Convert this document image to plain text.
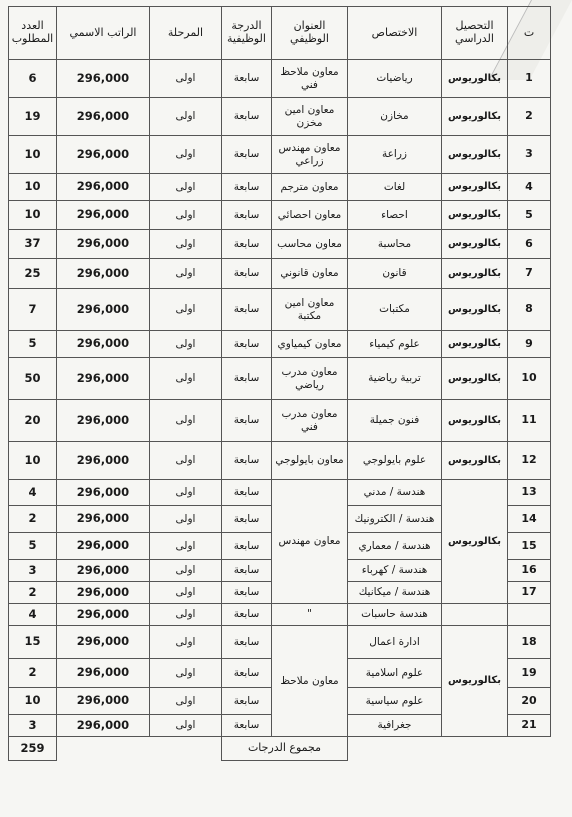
ت	التحصيل الدراسي	الاختصاص	العنوان الوظيفي	الدرجة الوظيفية	المرحلة	الراتب الاسمي	العدد المطلوب
1	بكالوريوس	رياضيات	معاون ملاحظ فني	سابعة	اولى	296,000	6
2	بكالوريوس	مخازن	معاون امين مخزن	سابعة	اولى	296,000	19
3	بكالوريوس	زراعة	معاون مهندس زراعي	سابعة	اولى	296,000	10
4	بكالوريوس	لغات	معاون مترجم	سابعة	اولى	296,000	10
5	بكالوريوس	احصاء	معاون احصائي	سابعة	اولى	296,000	10
6	بكالوريوس	محاسبة	معاون محاسب	سابعة	اولى	296,000	37
7	بكالوريوس	قانون	معاون قانوني	سابعة	اولى	296,000	25
8	بكالوريوس	مكتبات	معاون امين مكتبة	سابعة	اولى	296,000	7
9	بكالوريوس	علوم كيمياء	معاون كيمياوي	سابعة	اولى	296,000	5
10	بكالوريوس	تربية رياضية	معاون مدرب رياضي	سابعة	اولى	296,000	50
11	بكالوريوس	فنون جميلة	معاون مدرب فني	سابعة	اولى	296,000	20
12	بكالوريوس	علوم بايولوجي	معاون بايولوجي	سابعة	اولى	296,000	10
13	بكالوريوس	هندسة / مدني	معاون مهندس	سابعة	اولى	296,000	4
14		هندسة / الكترونيك		سابعة	اولى	296,000	2
15		هندسة / معماري		سابعة	اولى	296,000	5
16		هندسة / كهرباء		سابعة	اولى	296,000	3
17		هندسة / ميكانيك		سابعة	اولى	296,000	2
		هندسة حاسبات	"	سابعة	اولى	296,000	4
18	بكالوريوس	ادارة اعمال	معاون ملاحظ	سابعة	اولى	296,000	15
19		علوم اسلامية		سابعة	اولى	296,000	2
20		علوم سياسية		سابعة	اولى	296,000	10
21		جغرافية		سابعة	اولى	296,000	3
			مجموع الدرجات				259
